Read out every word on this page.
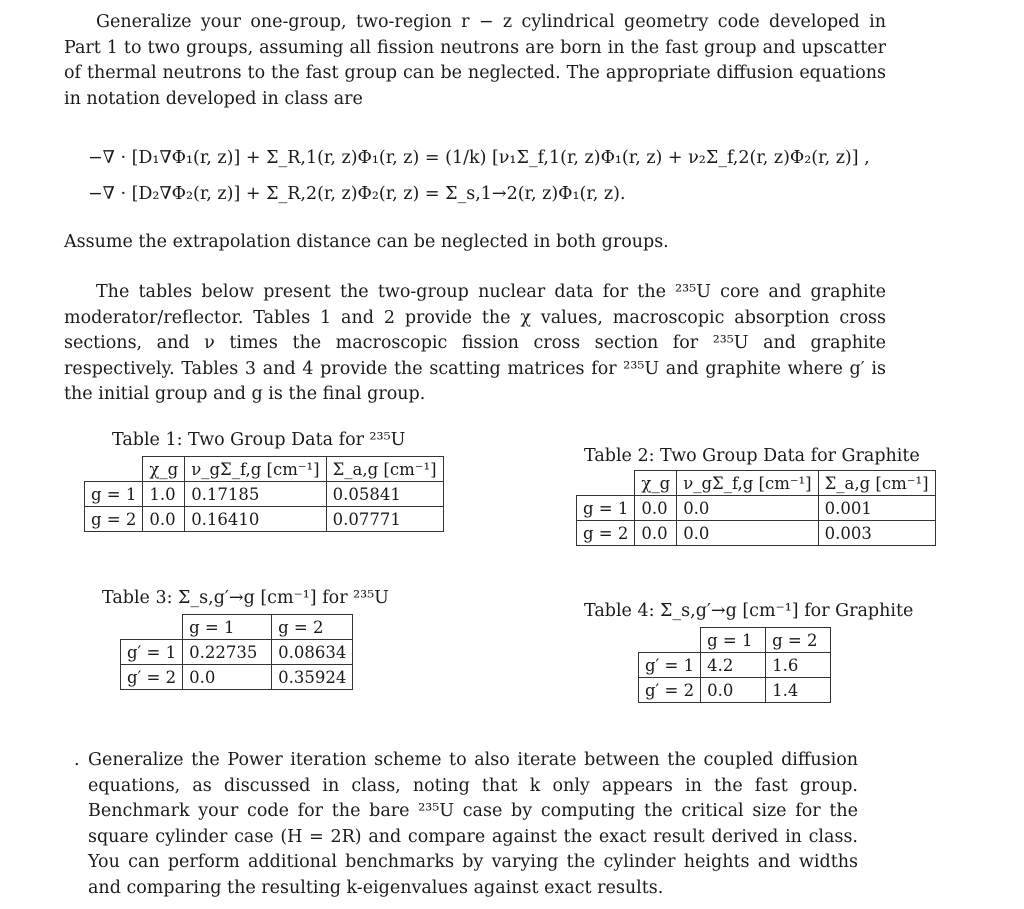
Generalize your one-group, two-region r − z cylindrical geometry code developed in Part 1 to two groups, assuming all fission neutrons are born in the fast group and upscatter of thermal neutrons to the fast group can be neglected. The appropriate diffusion equations in notation developed in class are
−∇ · [D₁∇Φ₁(r, z)] + Σ_R,1(r, z)Φ₁(r, z) = (1/k) [ν₁Σ_f,1(r, z)Φ₁(r, z) + ν₂Σ_f,2(r, z)Φ₂(r, z)] ,
−∇ · [D₂∇Φ₂(r, z)] + Σ_R,2(r, z)Φ₂(r, z) = Σ_s,1→2(r, z)Φ₁(r, z).
Assume the extrapolation distance can be neglected in both groups.
The tables below present the two-group nuclear data for the ²³⁵U core and graphite moderator/reflector. Tables 1 and 2 provide the χ values, macroscopic absorption cross sections, and ν times the macroscopic fission cross section for ²³⁵U and graphite respectively. Tables 3 and 4 provide the scatting matrices for ²³⁵U and graphite where g′ is the initial group and g is the final group.
Table 1: Two Group Data for ²³⁵U
	χ_g	ν_gΣ_f,g [cm⁻¹]	Σ_a,g [cm⁻¹]
g = 1	1.0	0.17185	0.05841
g = 2	0.0	0.16410	0.07771
Table 2: Two Group Data for Graphite
	χ_g	ν_gΣ_f,g [cm⁻¹]	Σ_a,g [cm⁻¹]
g = 1	0.0	0.0	0.001
g = 2	0.0	0.0	0.003
Table 3: Σ_s,g′→g [cm⁻¹] for ²³⁵U
	g = 1	g = 2
g′ = 1	0.22735	0.08634
g′ = 2	0.0	0.35924
Table 4: Σ_s,g′→g [cm⁻¹] for Graphite
	g = 1	g = 2
g′ = 1	4.2	1.6
g′ = 2	0.0	1.4
. Generalize the Power iteration scheme to also iterate between the coupled diffusion equations, as discussed in class, noting that k only appears in the fast group. Benchmark your code for the bare ²³⁵U case by computing the critical size for the square cylinder case (H = 2R) and compare against the exact result derived in class. You can perform additional benchmarks by varying the cylinder heights and widths and comparing the resulting k-eigenvalues against exact results.
